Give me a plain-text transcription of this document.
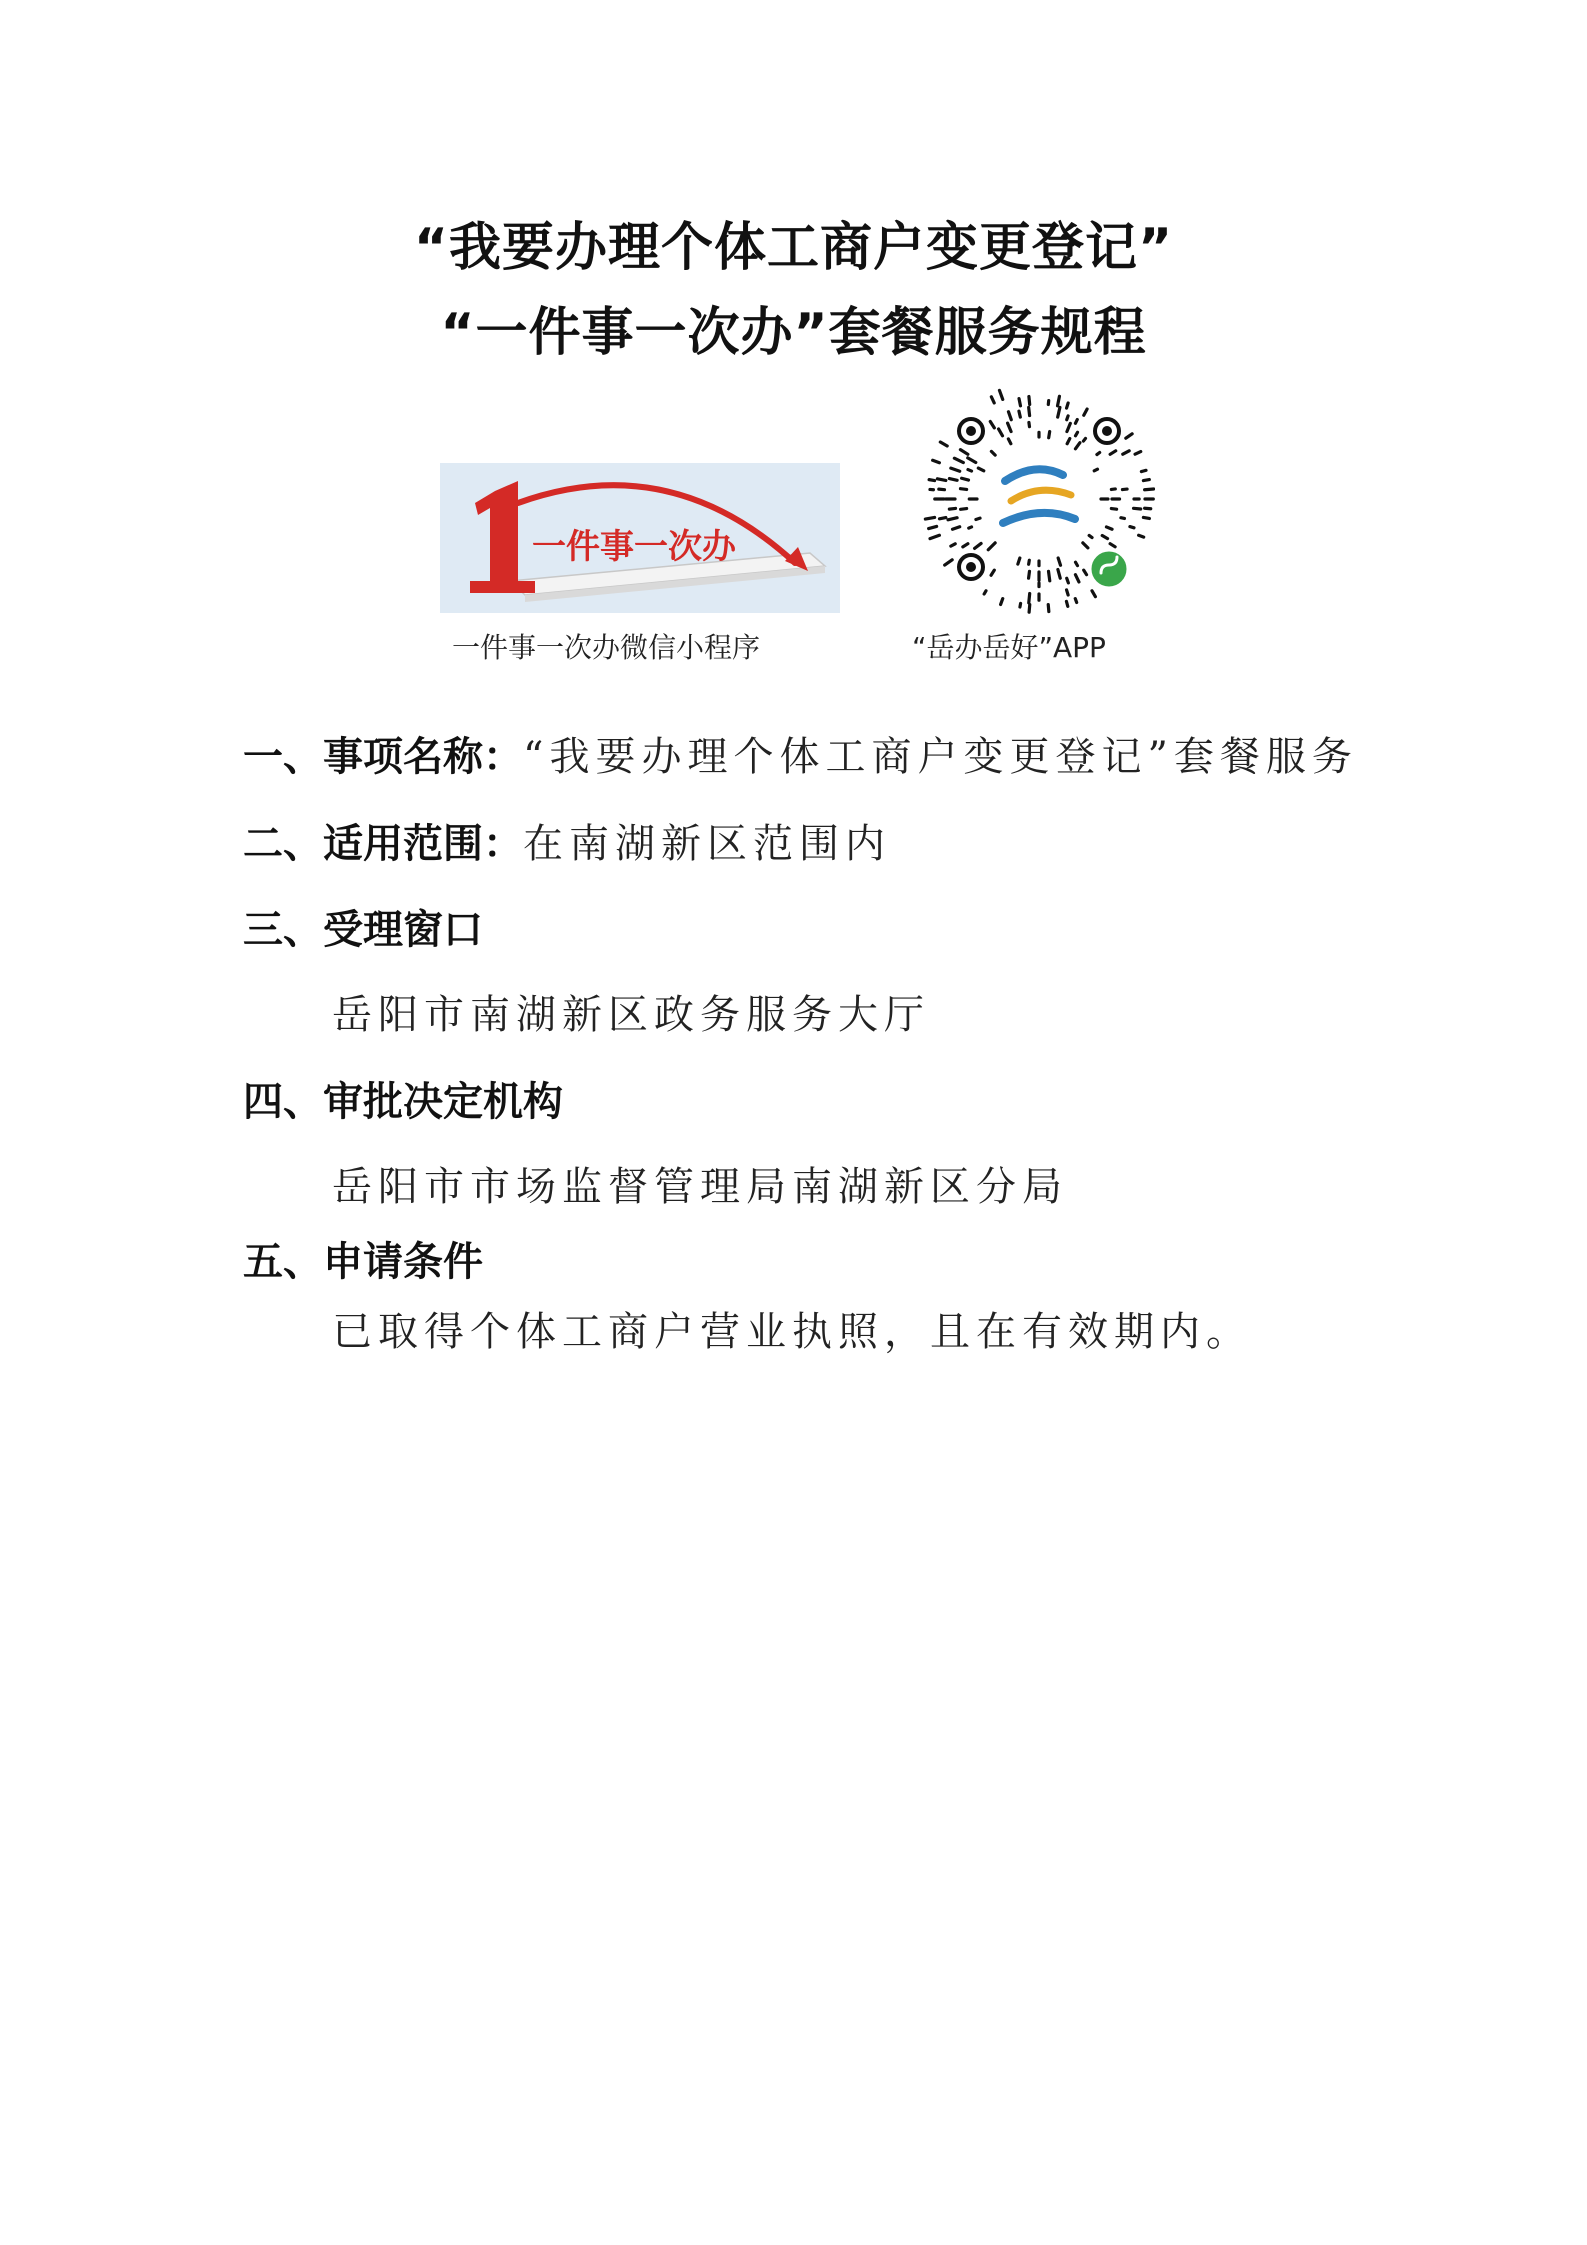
“我要办理个体工商户变更登记”
“一件事一次办”套餐服务规程
一件事一次办
一件事一次办微信小程序	“岳办岳好”APP
一、事项名称：“我要办理个体工商户变更登记”套餐服务
二、适用范围：在南湖新区范围内
三、受理窗口
岳阳市南湖新区政务服务大厅
四、审批决定机构
岳阳市市场监督管理局南湖新区分局
五、申请条件
已取得个体工商户营业执照，且在有效期内。
